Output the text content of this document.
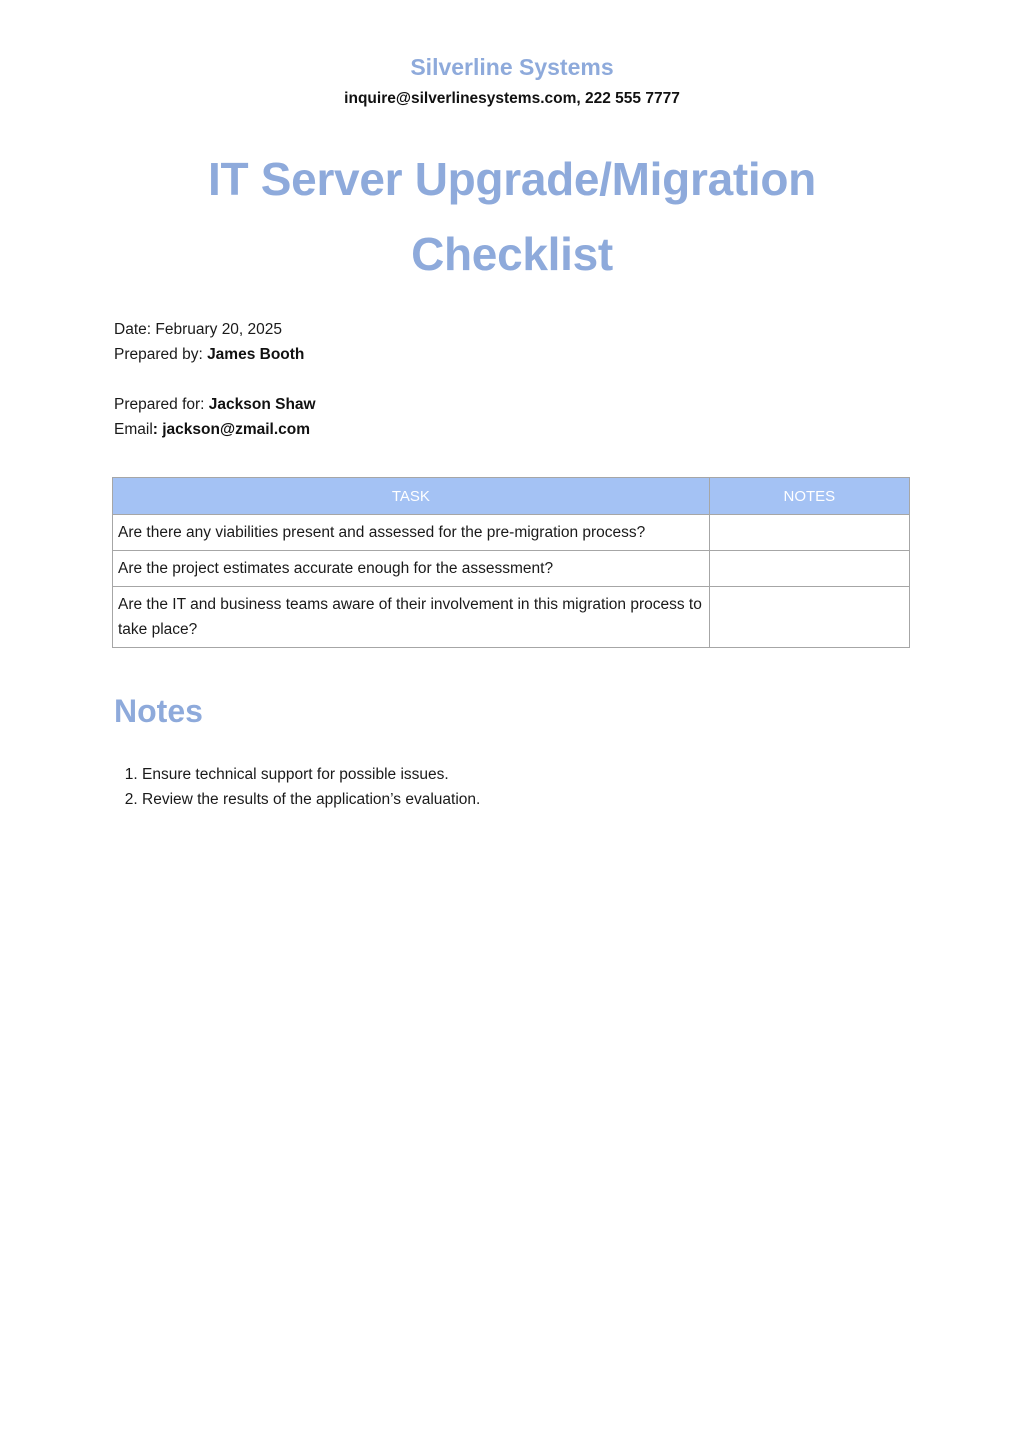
Silverline Systems
inquire@silverlinesystems.com, 222 555 7777
IT Server Upgrade/Migration Checklist
Date: February 20, 2025
Prepared by: James Booth
Prepared for: Jackson Shaw
Email: jackson@zmail.com
TASK	NOTES
Are there any viabilities present and assessed for the pre-migration process?	
Are the project estimates accurate enough for the assessment?	
Are the IT and business teams aware of their involvement in this migration process to take place?	
Notes
1. Ensure technical support for possible issues.
2. Review the results of the application’s evaluation.
